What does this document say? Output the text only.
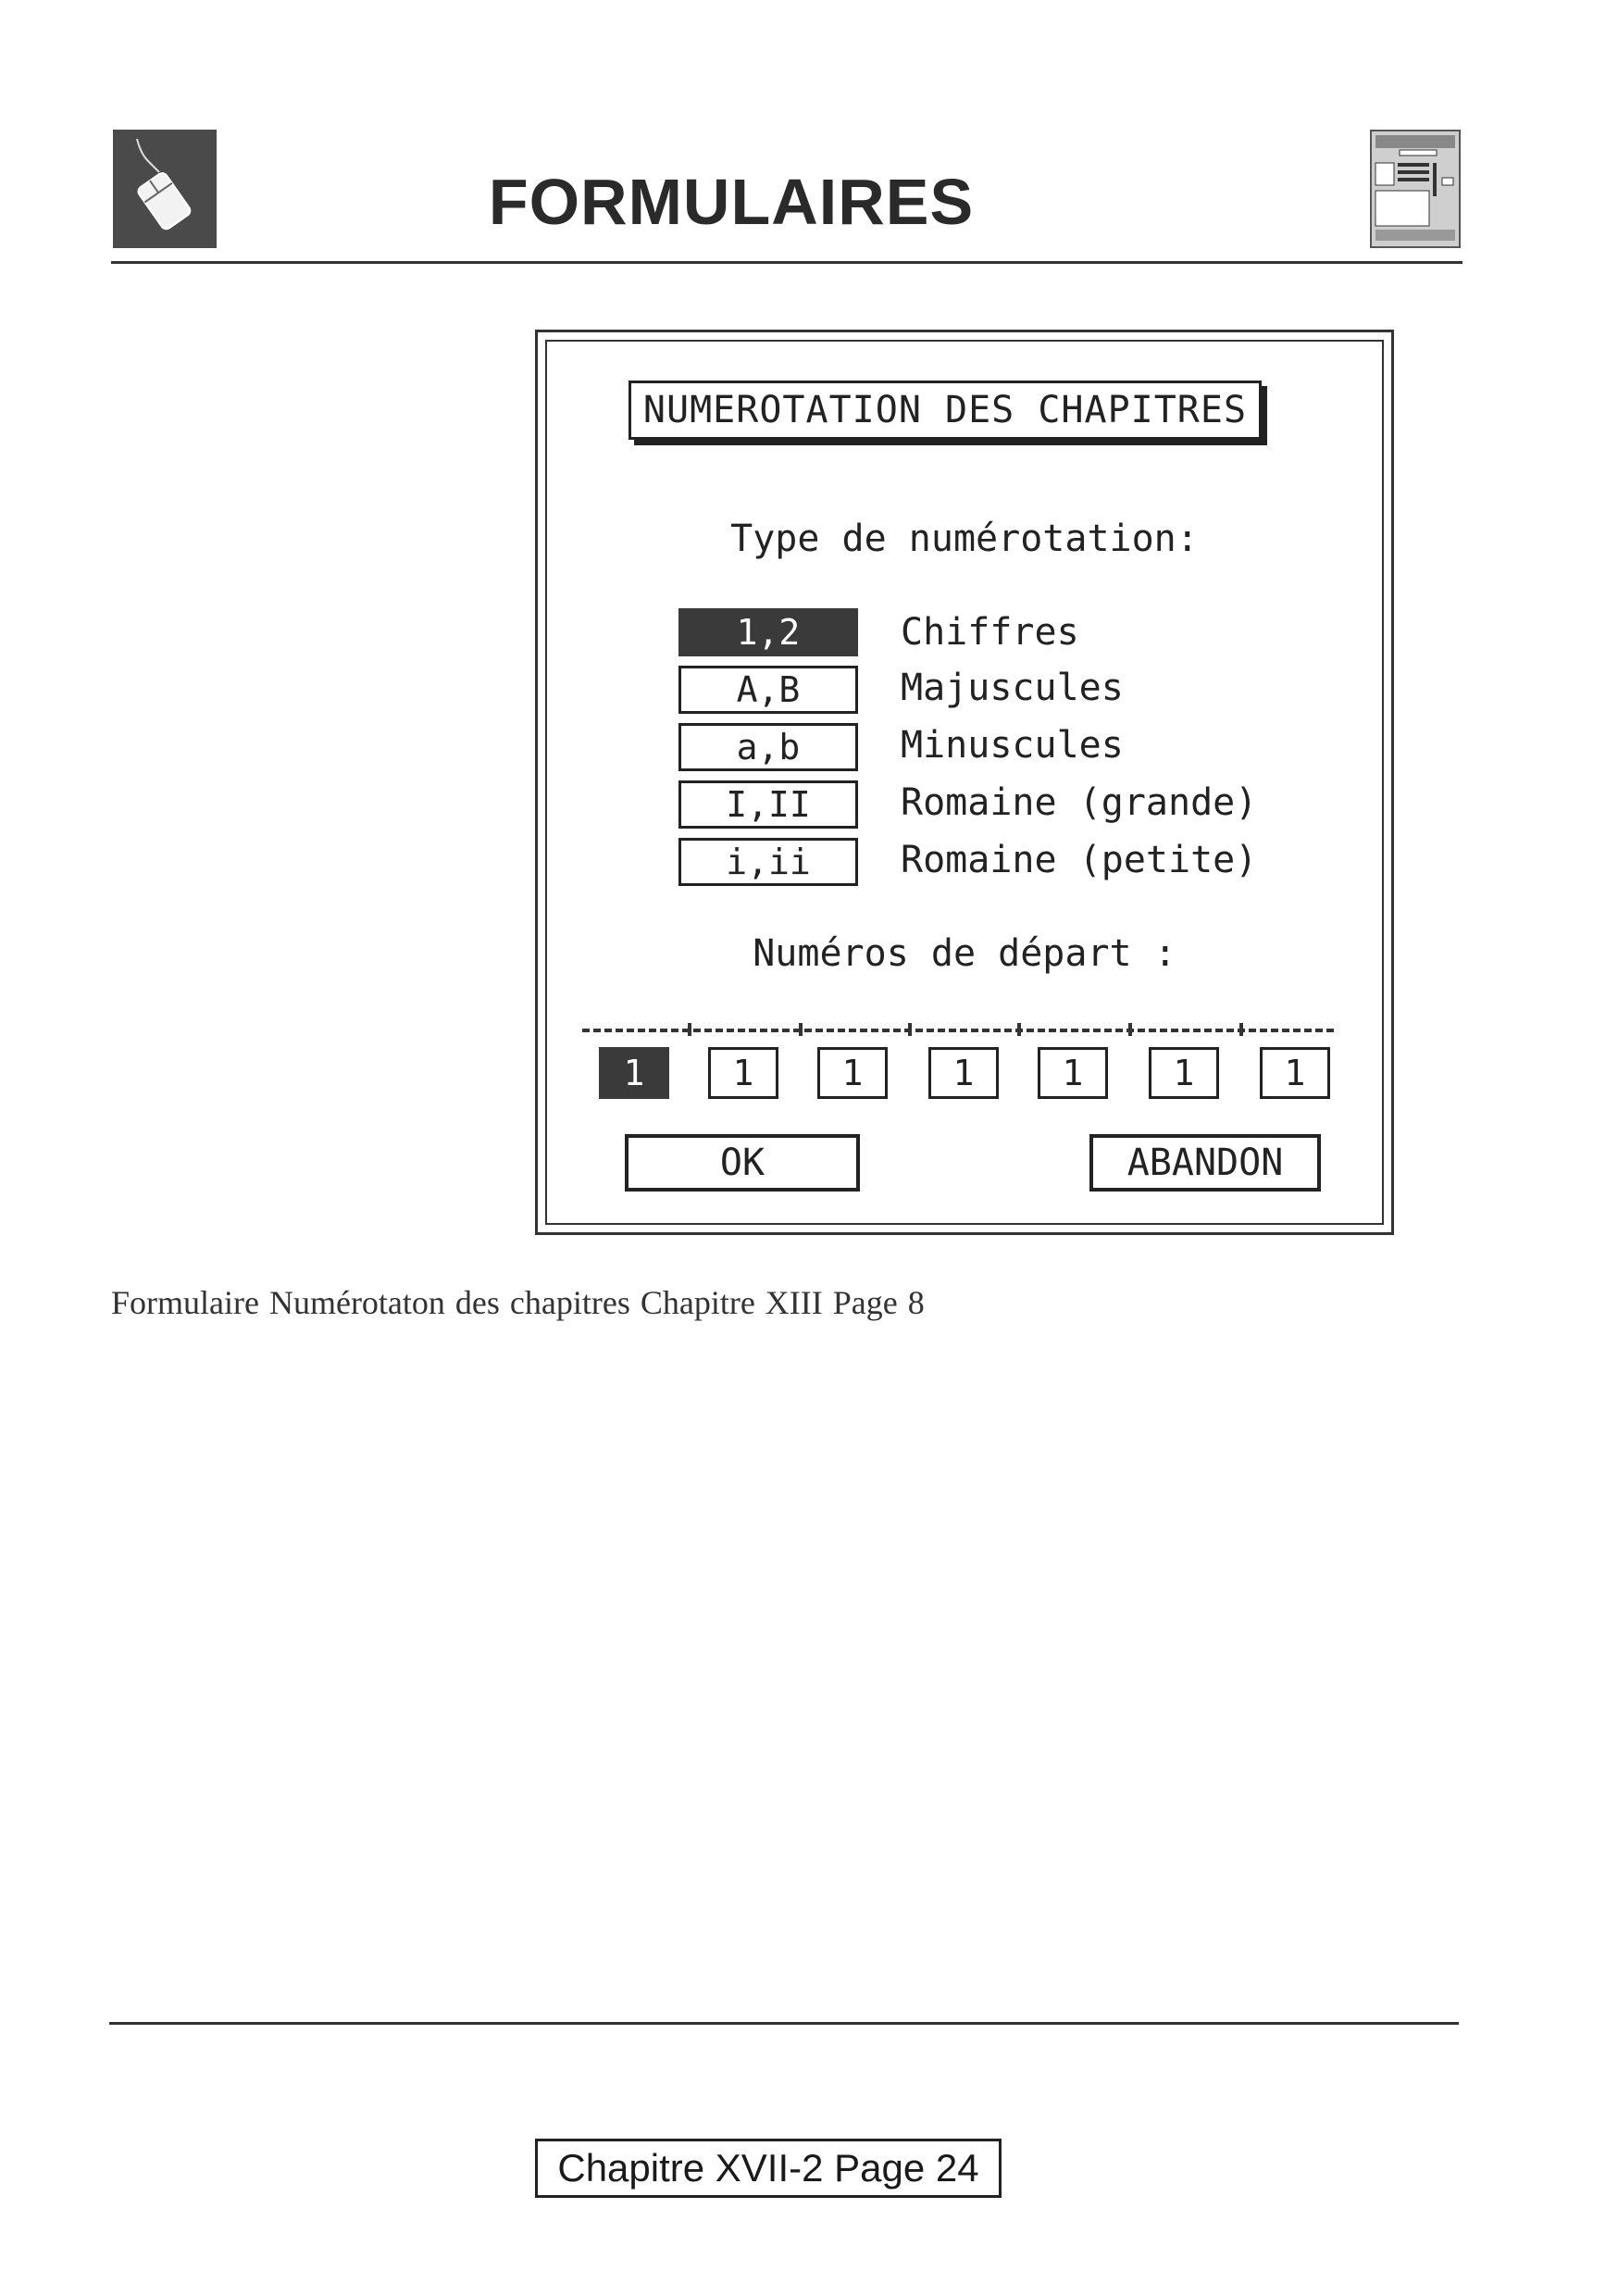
FORMULAIRES
NUMEROTATION DES CHAPITRES
Type de numérotation:
1,2	Chiffres
A,B	Majuscules
a,b	Minuscules
I,II	Romaine (grande)
i,ii	Romaine (petite)
Numéros de départ :
1	1	1	1	1	1	1
OK	ABANDON
Formulaire Numérotaton des chapitres Chapitre XIII Page 8
Chapitre XVII-2 Page 24
